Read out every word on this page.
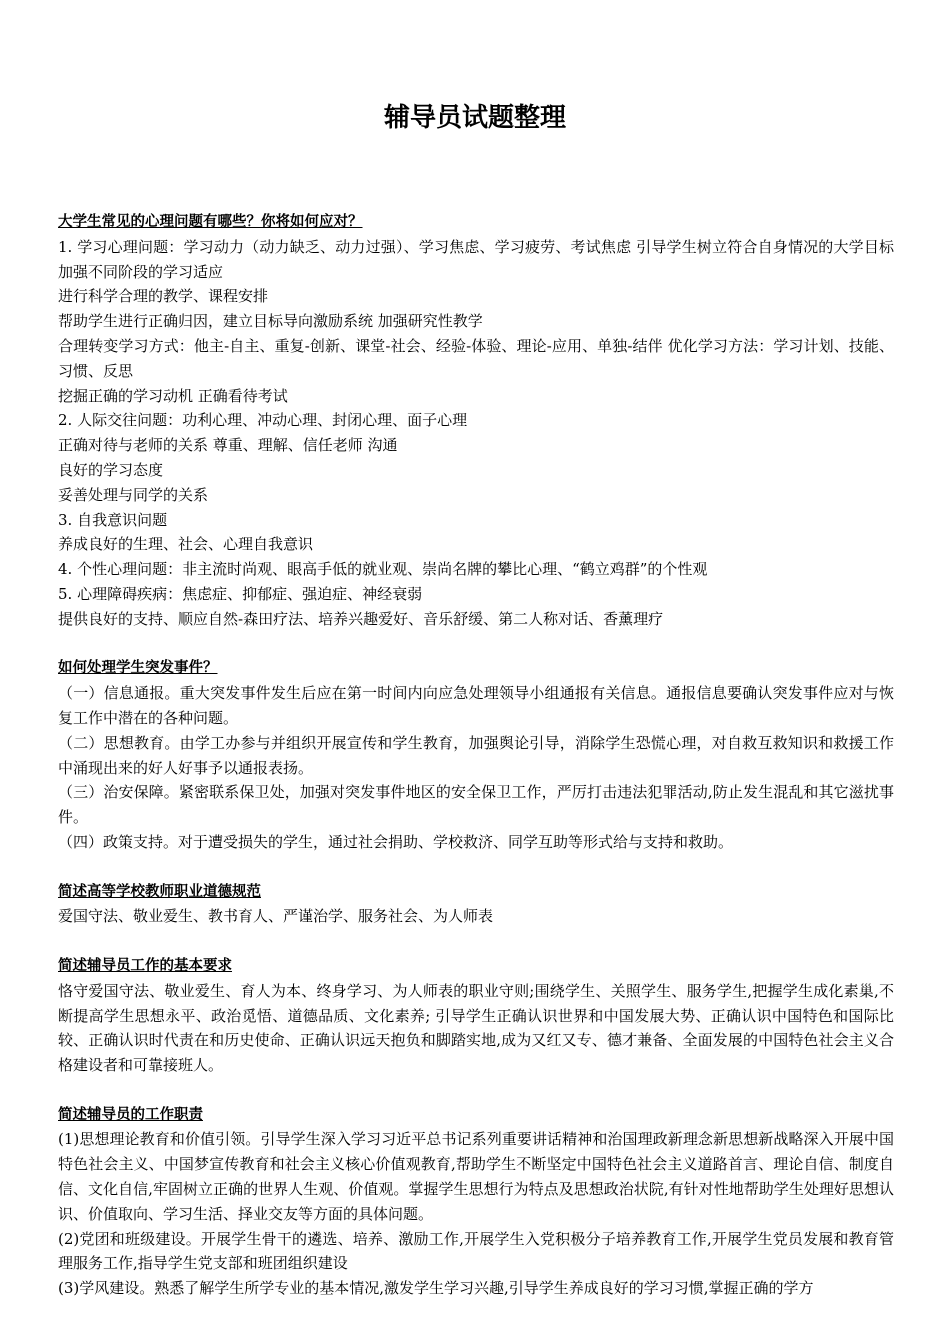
辅导员试题整理

大学生常见的心理问题有哪些？你将如何应对？

1. 学习心理问题：学习动力（动力缺乏、动力过强）、学习焦虑、学习疲劳、考试焦虑 引导学生树立符合自身情况的大学目标 加强不同阶段的学习适应

进行科学合理的教学、课程安排

帮助学生进行正确归因，建立目标导向激励系统 加强研究性教学

合理转变学习方式：他主-自主、重复-创新、课堂-社会、经验-体验、理论-应用、单独-结伴 优化学习方法：学习计划、技能、习惯、反思

挖掘正确的学习动机 正确看待考试

2. 人际交往问题：功利心理、冲动心理、封闭心理、面子心理

正确对待与老师的关系 尊重、理解、信任老师 沟通

良好的学习态度

妥善处理与同学的关系

3. 自我意识问题

养成良好的生理、社会、心理自我意识

4. 个性心理问题：非主流时尚观、眼高手低的就业观、崇尚名牌的攀比心理、“鹤立鸡群”的个性观

5. 心理障碍疾病：焦虑症、抑郁症、强迫症、神经衰弱

提供良好的支持、顺应自然-森田疗法、培养兴趣爱好、音乐舒缓、第二人称对话、香薰理疗

如何处理学生突发事件？

（一）信息通报。重大突发事件发生后应在第一时间内向应急处理领导小组通报有关信息。通报信息要确认突发事件应对与恢复工作中潜在的各种问题。

（二）思想教育。由学工办参与并组织开展宣传和学生教育，加强舆论引导，消除学生恐慌心理，对自救互救知识和救援工作中涌现出来的好人好事予以通报表扬。

（三）治安保障。紧密联系保卫处，加强对突发事件地区的安全保卫工作，严厉打击违法犯罪活动,防止发生混乱和其它滋扰事件。

（四）政策支持。对于遭受损失的学生，通过社会捐助、学校救济、同学互助等形式给与支持和救助。

简述高等学校教师职业道德规范

爱国守法、敬业爱生、教书育人、严谨治学、服务社会、为人师表

简述辅导员工作的基本要求

恪守爱国守法、敬业爱生、育人为本、终身学习、为人师表的职业守则;围绕学生、关照学生、服务学生,把握学生成化素巢,不断提高学生思想永平、政治觅悟、道德品质、文化素养; 引导学生正确认识世界和中国发展大势、正确认识中国特色和国际比较、正确认识时代责在和历史使命、正确认识远天抱负和脚踏实地,成为又红又专、德才兼备、全面发展的中国特色社会主义合格建设者和可靠接班人。

简述辅导员的工作职责

(1)思想理论教育和价值引领。引导学生深入学习习近平总书记系列重要讲话精神和治国理政新理念新思想新战略深入开展中国特色社会主义、中国梦宣传教育和社会主义核心价值观教育,帮助学生不断坚定中国特色社会主义道路首言、理论自信、制度自信、文化自信,牢固树立正确的世界人生观、价值观。掌握学生思想行为特点及思想政治状院,有针对性地帮助学生处理好思想认识、价值取向、学习生活、择业交友等方面的具体问题。

(2)党团和班级建设。开展学生骨干的遴选、培养、激励工作,开展学生入党积极分子培养教育工作,开展学生党员发展和教育管理服务工作,指导学生党支部和班团组织建设

(3)学风建设。熟悉了解学生所学专业的基本情况,激发学生学习兴趣,引导学生养成良好的学习习惯,掌握正确的学方
